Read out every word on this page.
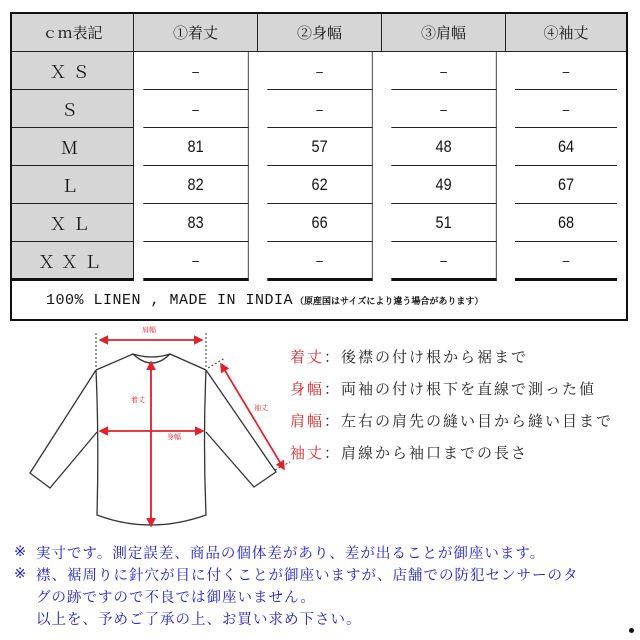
ｃｍ表記	①着丈	②身幅	③肩幅	④袖丈
ＸＳ	–	–	–	–
Ｓ	–	–	–	–
Ｍ	81	57	48	64
Ｌ	82	62	49	67
ＸＬ	83	66	51	68
ＸＸＬ	–	–	–	–
100% LINEN , MADE IN INDIA （原産国はサイズにより違う場合があります）
肩幅
着丈
身幅
袖丈
着丈 ：後襟の付け根から裾まで
身幅 ：両袖の付け根下を直線で測った値
肩幅 ：左右の肩先の縫い目から縫い目まで
袖丈 ：肩線から袖口までの長さ
※ 実寸です。測定誤差、商品の個体差があり、差が出ることが御座います。
※ 襟、裾周りに針穴が目に付くことが御座いますが、店舗での防犯センサーのタ
グの跡ですので不良では御座いません。
以上を、予めご了承の上、お買い求め下さい。
